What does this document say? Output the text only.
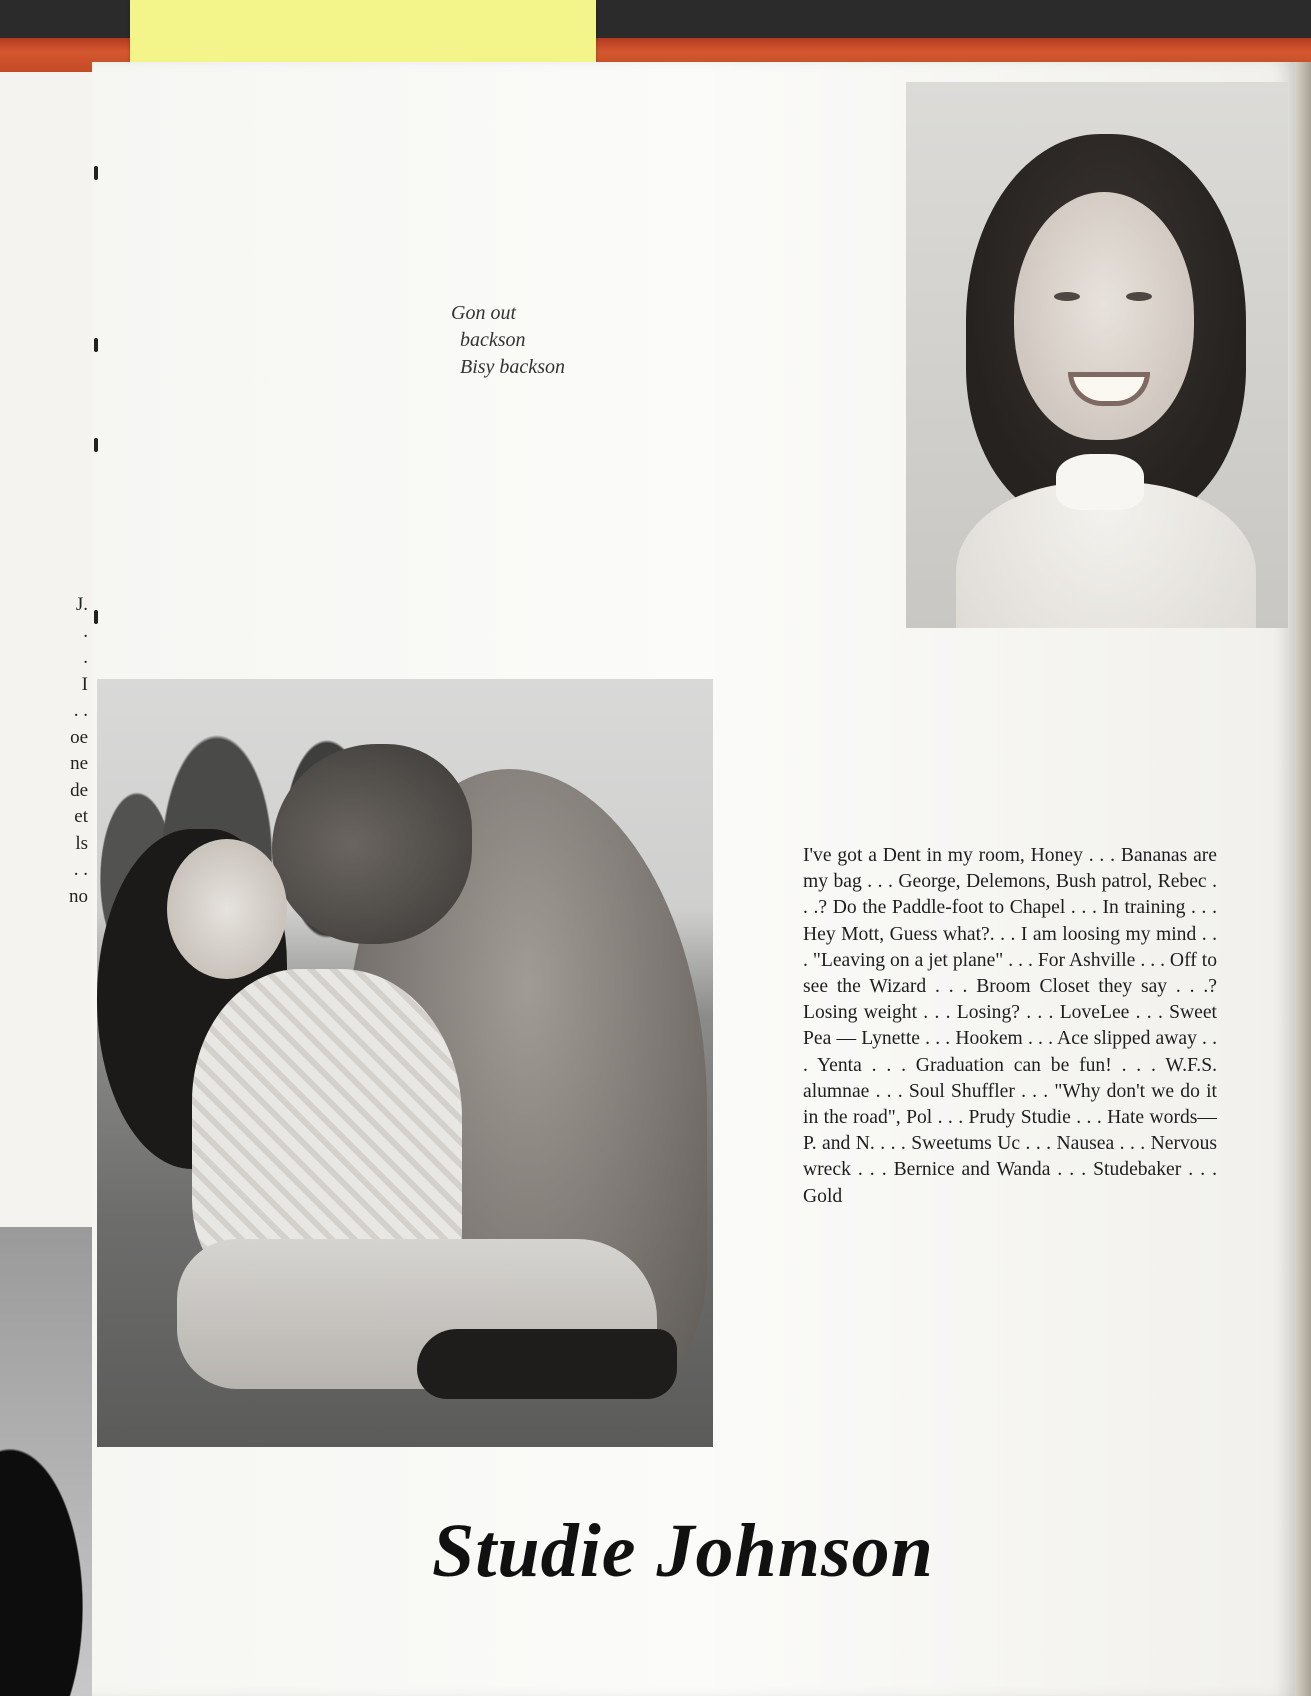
J.
.
.
I
. .
oe
ne
de
et
ls
. .
no
Gon out
backson
Bisy backson
I've got a Dent in my room, Honey . . . Bananas are my bag . . . George, Delemons, Bush patrol, Rebec . . .? Do the Paddle-foot to Chapel . . . In training . . . Hey Mott, Guess what?. . . I am loosing my mind . . . "Leaving on a jet plane" . . . For Ashville . . . Off to see the Wizard . . . Broom Closet they say . . .? Losing weight . . . Losing? . . . LoveLee . . . Sweet Pea — Lynette . . . Hookem . . . Ace slipped away . . . Yenta . . . Graduation can be fun! . . . W.F.S. alumnae . . . Soul Shuffler . . . "Why don't we do it in the road", Pol . . . Prudy Studie . . . Hate words—P. and N. . . . Sweetums Uc . . . Nausea . . . Nervous wreck . . . Bernice and Wanda . . . Studebaker . . . Gold
Studie Johnson
